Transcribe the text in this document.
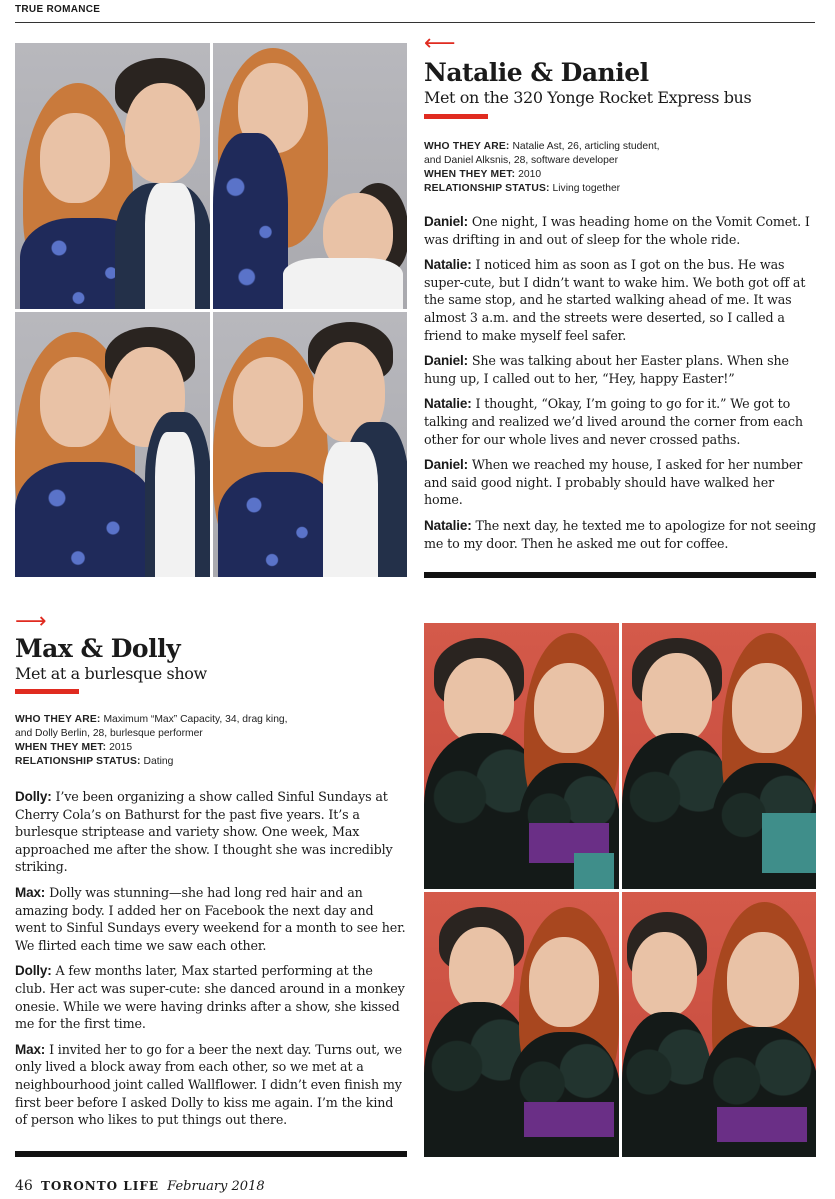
TRUE ROMANCE
⟵
Natalie & Daniel
Met on the 320 Yonge Rocket Express bus
WHO THEY ARE: Natalie Ast, 26, articling student,
and Daniel Alksnis, 28, software developer
WHEN THEY MET: 2010
RELATIONSHIP STATUS: Living together

Daniel: One night, I was heading home on the Vomit Comet. I was drifting in and out of sleep for the whole ride.

Natalie: I noticed him as soon as I got on the bus. He was super-cute, but I didn’t want to wake him. We both got off at the same stop, and he started walking ahead of me. It was almost 3 a.m. and the streets were deserted, so I called a friend to make myself feel safer.

Daniel: She was talking about her Easter plans. When she hung up, I called out to her, “Hey, happy Easter!”

Natalie: I thought, “Okay, I’m going to go for it.” We got to talking and realized we’d lived around the corner from each other for our whole lives and never crossed paths.

Daniel: When we reached my house, I asked for her number and said good night. I probably should have walked her home.

Natalie: The next day, he texted me to apologize for not seeing me to my door. Then he asked me out for coffee.

⟶
Max & Dolly
Met at a burlesque show
WHO THEY ARE: Maximum “Max” Capacity, 34, drag king,
and Dolly Berlin, 28, burlesque performer
WHEN THEY MET: 2015
RELATIONSHIP STATUS: Dating

Dolly: I’ve been organizing a show called Sinful Sundays at Cherry Cola’s on Bathurst for the past five years. It’s a burlesque striptease and variety show. One week, Max approached me after the show. I thought she was incredibly striking.

Max: Dolly was stunning—she had long red hair and an amazing body. I added her on Facebook the next day and went to Sinful Sundays every weekend for a month to see her. We flirted each time we saw each other.

Dolly: A few months later, Max started performing at the club. Her act was super-cute: she danced around in a monkey onesie. While we were having drinks after a show, she kissed me for the first time.

Max: I invited her to go for a beer the next day. Turns out, we only lived a block away from each other, so we met at a neighbourhood joint called Wallflower. I didn’t even finish my first beer before I asked Dolly to kiss me again. I’m the kind of person who likes to put things out there.

46 TORONTO LIFE February 2018
